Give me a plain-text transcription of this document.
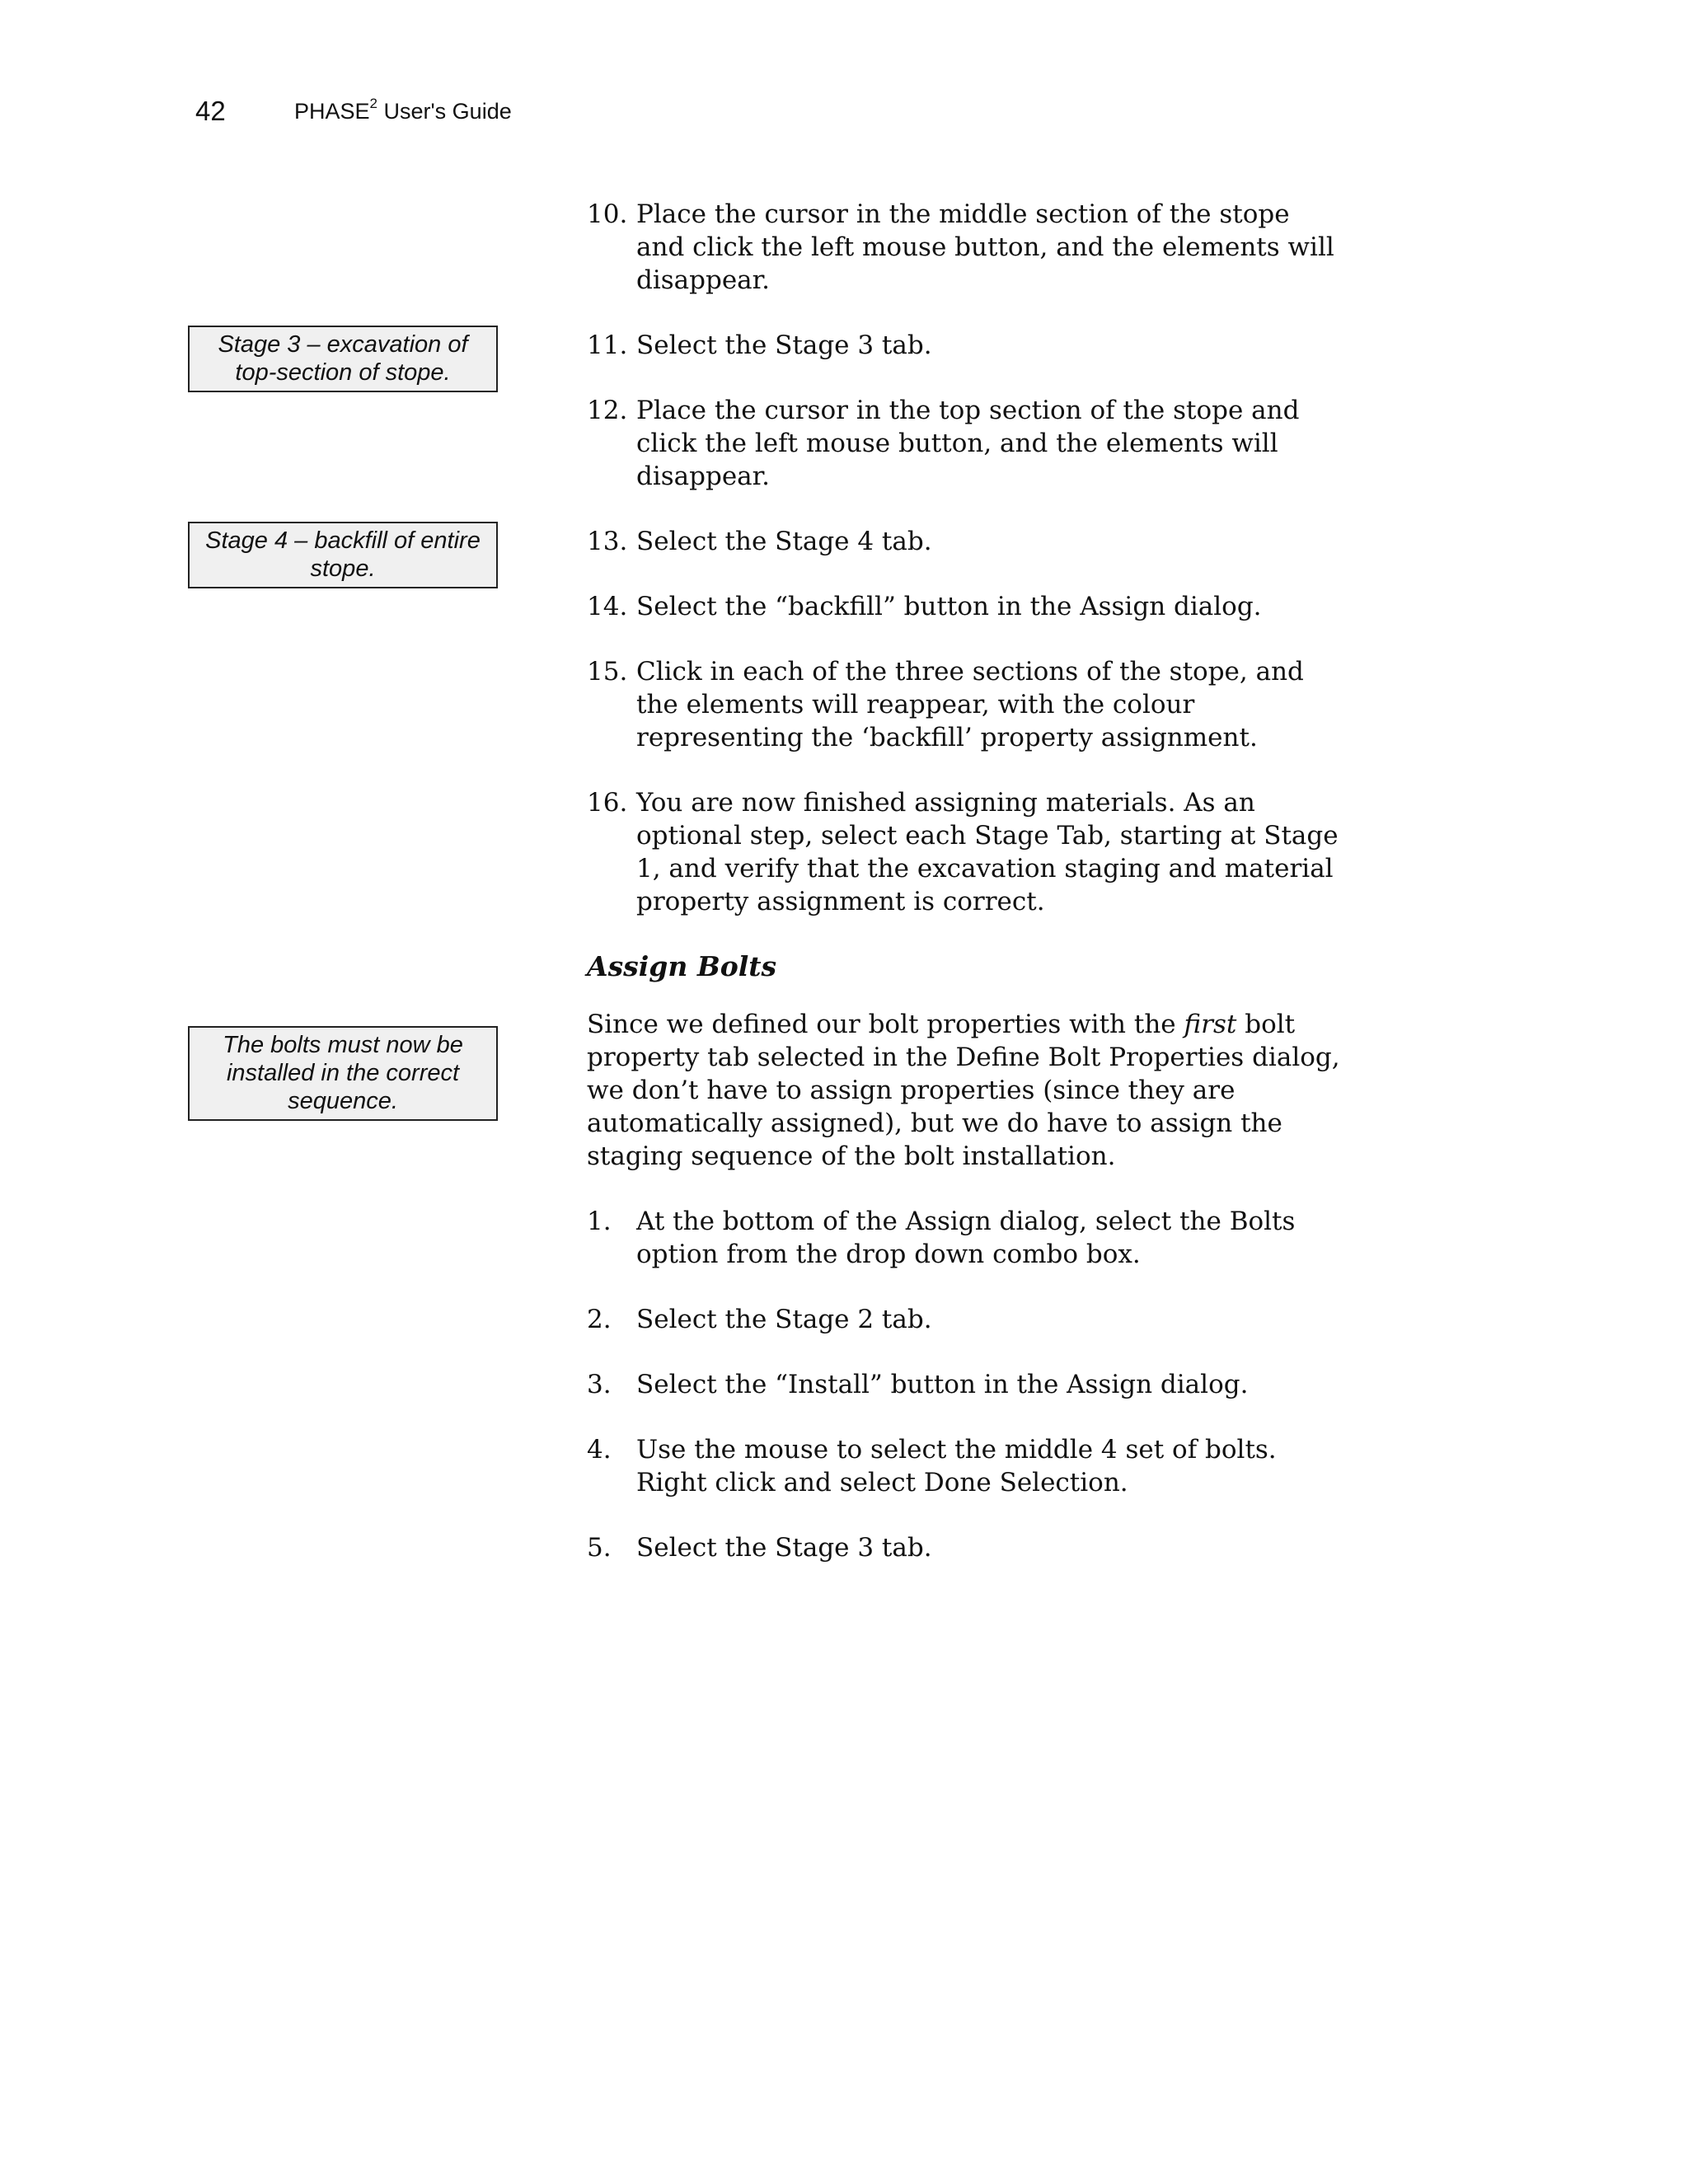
42	PHASE$^2$ User's Guide
Stage 3 – excavation of top-section of stope.
Stage 4 – backfill of entire stope.
The bolts must now be installed in the correct sequence.
10. Place the cursor in the middle section of the stope and click the left mouse button, and the elements will disappear.
11. Select the Stage 3 tab.
12. Place the cursor in the top section of the stope and click the left mouse button, and the elements will disappear.
13. Select the Stage 4 tab.
14. Select the “backfill” button in the Assign dialog.
15. Click in each of the three sections of the stope, and the elements will reappear, with the colour representing the ‘backfill’ property assignment.
16. You are now finished assigning materials. As an optional step, select each Stage Tab, starting at Stage 1, and verify that the excavation staging and material property assignment is correct.
Assign Bolts
Since we defined our bolt properties with the first bolt property tab selected in the Define Bolt Properties dialog, we don’t have to assign properties (since they are automatically assigned), but we do have to assign the staging sequence of the bolt installation.
1. At the bottom of the Assign dialog, select the Bolts option from the drop down combo box.
2. Select the Stage 2 tab.
3. Select the “Install” button in the Assign dialog.
4. Use the mouse to select the middle 4 set of bolts. Right click and select Done Selection.
5. Select the Stage 3 tab.
